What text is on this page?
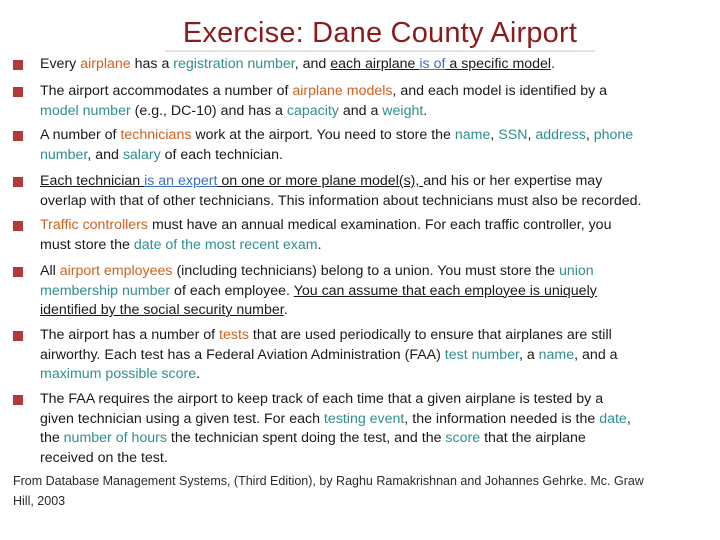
Exercise: Dane County Airport
Every airplane has a registration number, and each airplane is of a specific model.
The airport accommodates a number of airplane models, and each model is identified by a
model number (e.g., DC-10) and has a capacity and a weight.
A number of technicians work at the airport. You need to store the name, SSN, address, phone
number, and salary of each technician.
Each technician is an expert on one or more plane model(s), and his or her expertise may
overlap with that of other technicians. This information about technicians must also be recorded.
Traffic controllers must have an annual medical examination. For each traffic controller, you
must store the date of the most recent exam.
All airport employees (including technicians) belong to a union. You must store the union
membership number of each employee. You can assume that each employee is uniquely
identified by the social security number.
The airport has a number of tests that are used periodically to ensure that airplanes are still
airworthy. Each test has a Federal Aviation Administration (FAA) test number, a name, and a
maximum possible score.
The FAA requires the airport to keep track of each time that a given airplane is tested by a
given technician using a given test. For each testing event, the information needed is the date,
the number of hours the technician spent doing the test, and the score that the airplane
received on the test.
From Database Management Systems, (Third Edition), by Raghu Ramakrishnan and Johannes Gehrke. Mc. Graw
Hill, 2003
